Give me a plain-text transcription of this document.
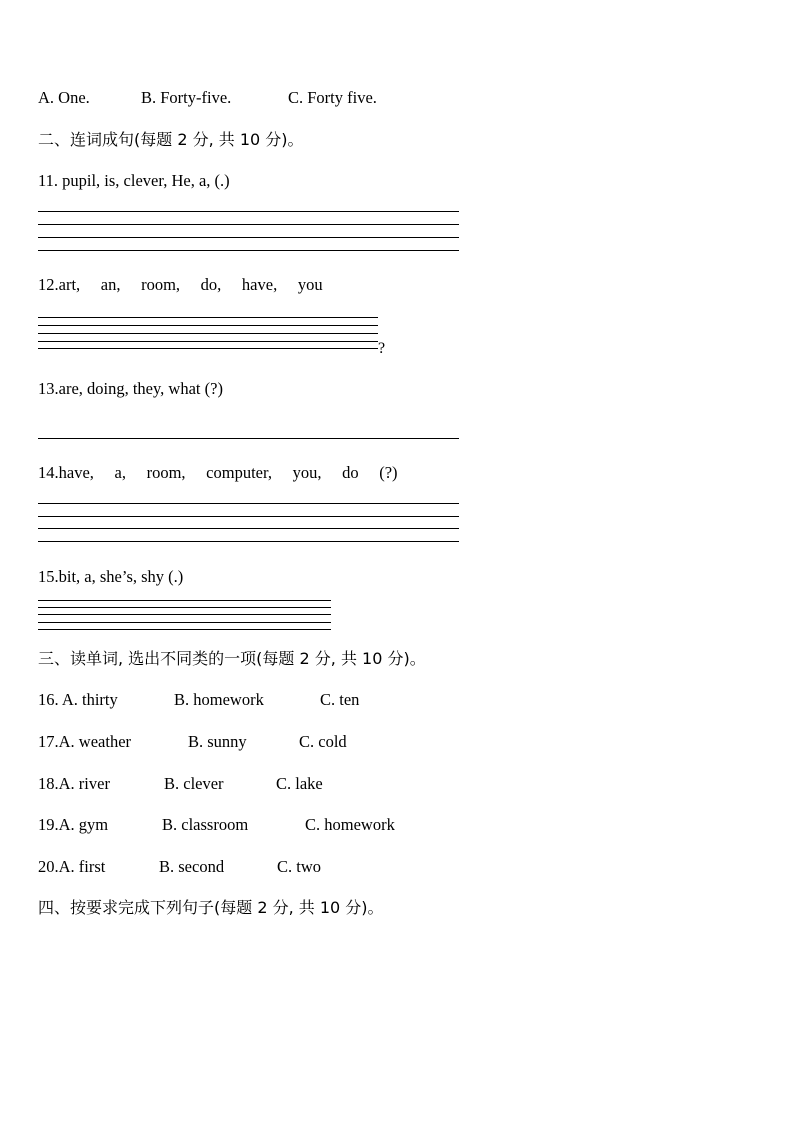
A. One.	B. Forty-five.	C. Forty five.
二、连词成句(每题 2 分, 共 10 分)。
11. pupil, is, clever, He, a, (.)
12.art,     an,     room,     do,     have,     you
?
13.are, doing, they, what (?)
14.have,     a,     room,     computer,     you,     do     (?)
15.bit, a, she’s, shy (.)
三、读单词, 选出不同类的一项(每题 2 分, 共 10 分)。
16. A. thirty	B. homework	C. ten
17.A. weather	B. sunny	C. cold
18.A. river	B. clever	C. lake
19.A. gym	B. classroom	C. homework
20.A. first	B. second	C. two
四、按要求完成下列句子(每题 2 分, 共 10 分)。
